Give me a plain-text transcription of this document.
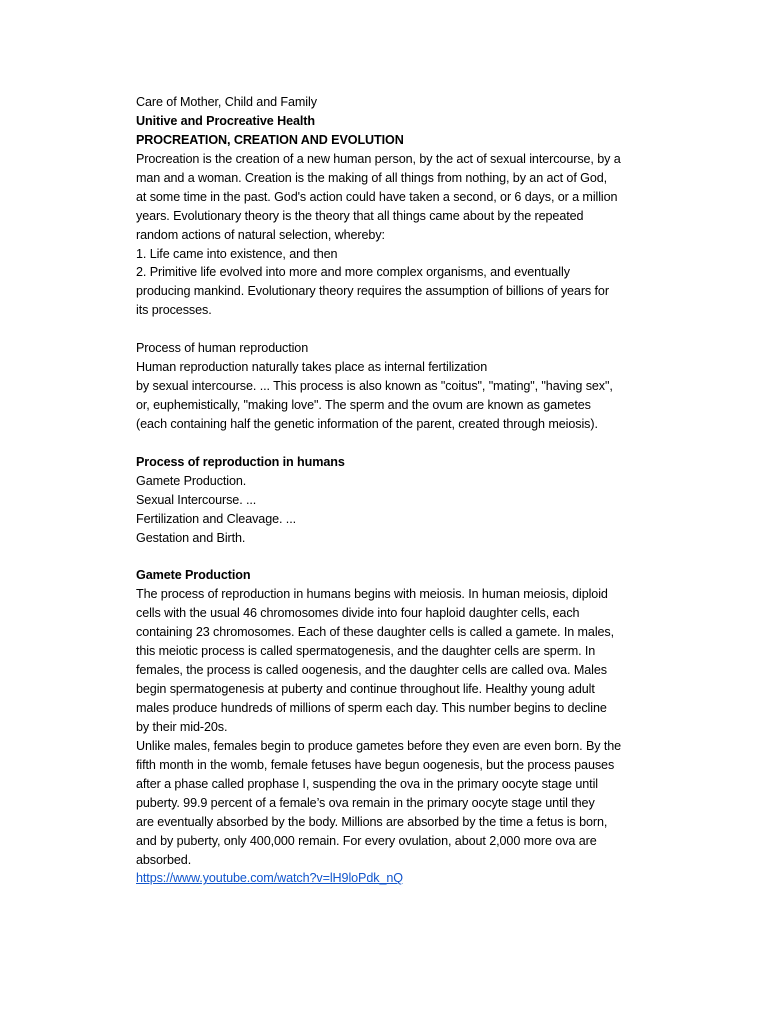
Care of Mother, Child and Family
Unitive and Procreative Health
PROCREATION, CREATION AND EVOLUTION
Procreation is the creation of a new human person, by the act of sexual intercourse, by a
man and a woman. Creation is the making of all things from nothing, by an act of God,
at some time in the past. God's action could have taken a second, or 6 days, or a million
years. Evolutionary theory is the theory that all things came about by the repeated
random actions of natural selection, whereby:
1. Life came into existence, and then
2. Primitive life evolved into more and more complex organisms, and eventually
producing mankind. Evolutionary theory requires the assumption of billions of years for
its processes.
Process of human reproduction
Human reproduction naturally takes place as internal fertilization
by sexual intercourse. ... This process is also known as "coitus", "mating", "having sex",
or, euphemistically, "making love". The sperm and the ovum are known as gametes
(each containing half the genetic information of the parent, created through meiosis).
Process of reproduction in humans
Gamete Production.
Sexual Intercourse. ...
Fertilization and Cleavage. ...
Gestation and Birth.
Gamete Production
The process of reproduction in humans begins with meiosis. In human meiosis, diploid
cells with the usual 46 chromosomes divide into four haploid daughter cells, each
containing 23 chromosomes. Each of these daughter cells is called a gamete. In males,
this meiotic process is called spermatogenesis, and the daughter cells are sperm. In
females, the process is called oogenesis, and the daughter cells are called ova. Males
begin spermatogenesis at puberty and continue throughout life. Healthy young adult
males produce hundreds of millions of sperm each day. This number begins to decline
by their mid-20s.
Unlike males, females begin to produce gametes before they even are even born. By the
fifth month in the womb, female fetuses have begun oogenesis, but the process pauses
after a phase called prophase I, suspending the ova in the primary oocyte stage until
puberty. 99.9 percent of a female’s ova remain in the primary oocyte stage until they
are eventually absorbed by the body. Millions are absorbed by the time a fetus is born,
and by puberty, only 400,000 remain. For every ovulation, about 2,000 more ova are
absorbed.
https://www.youtube.com/watch?v=lH9loPdk_nQ
